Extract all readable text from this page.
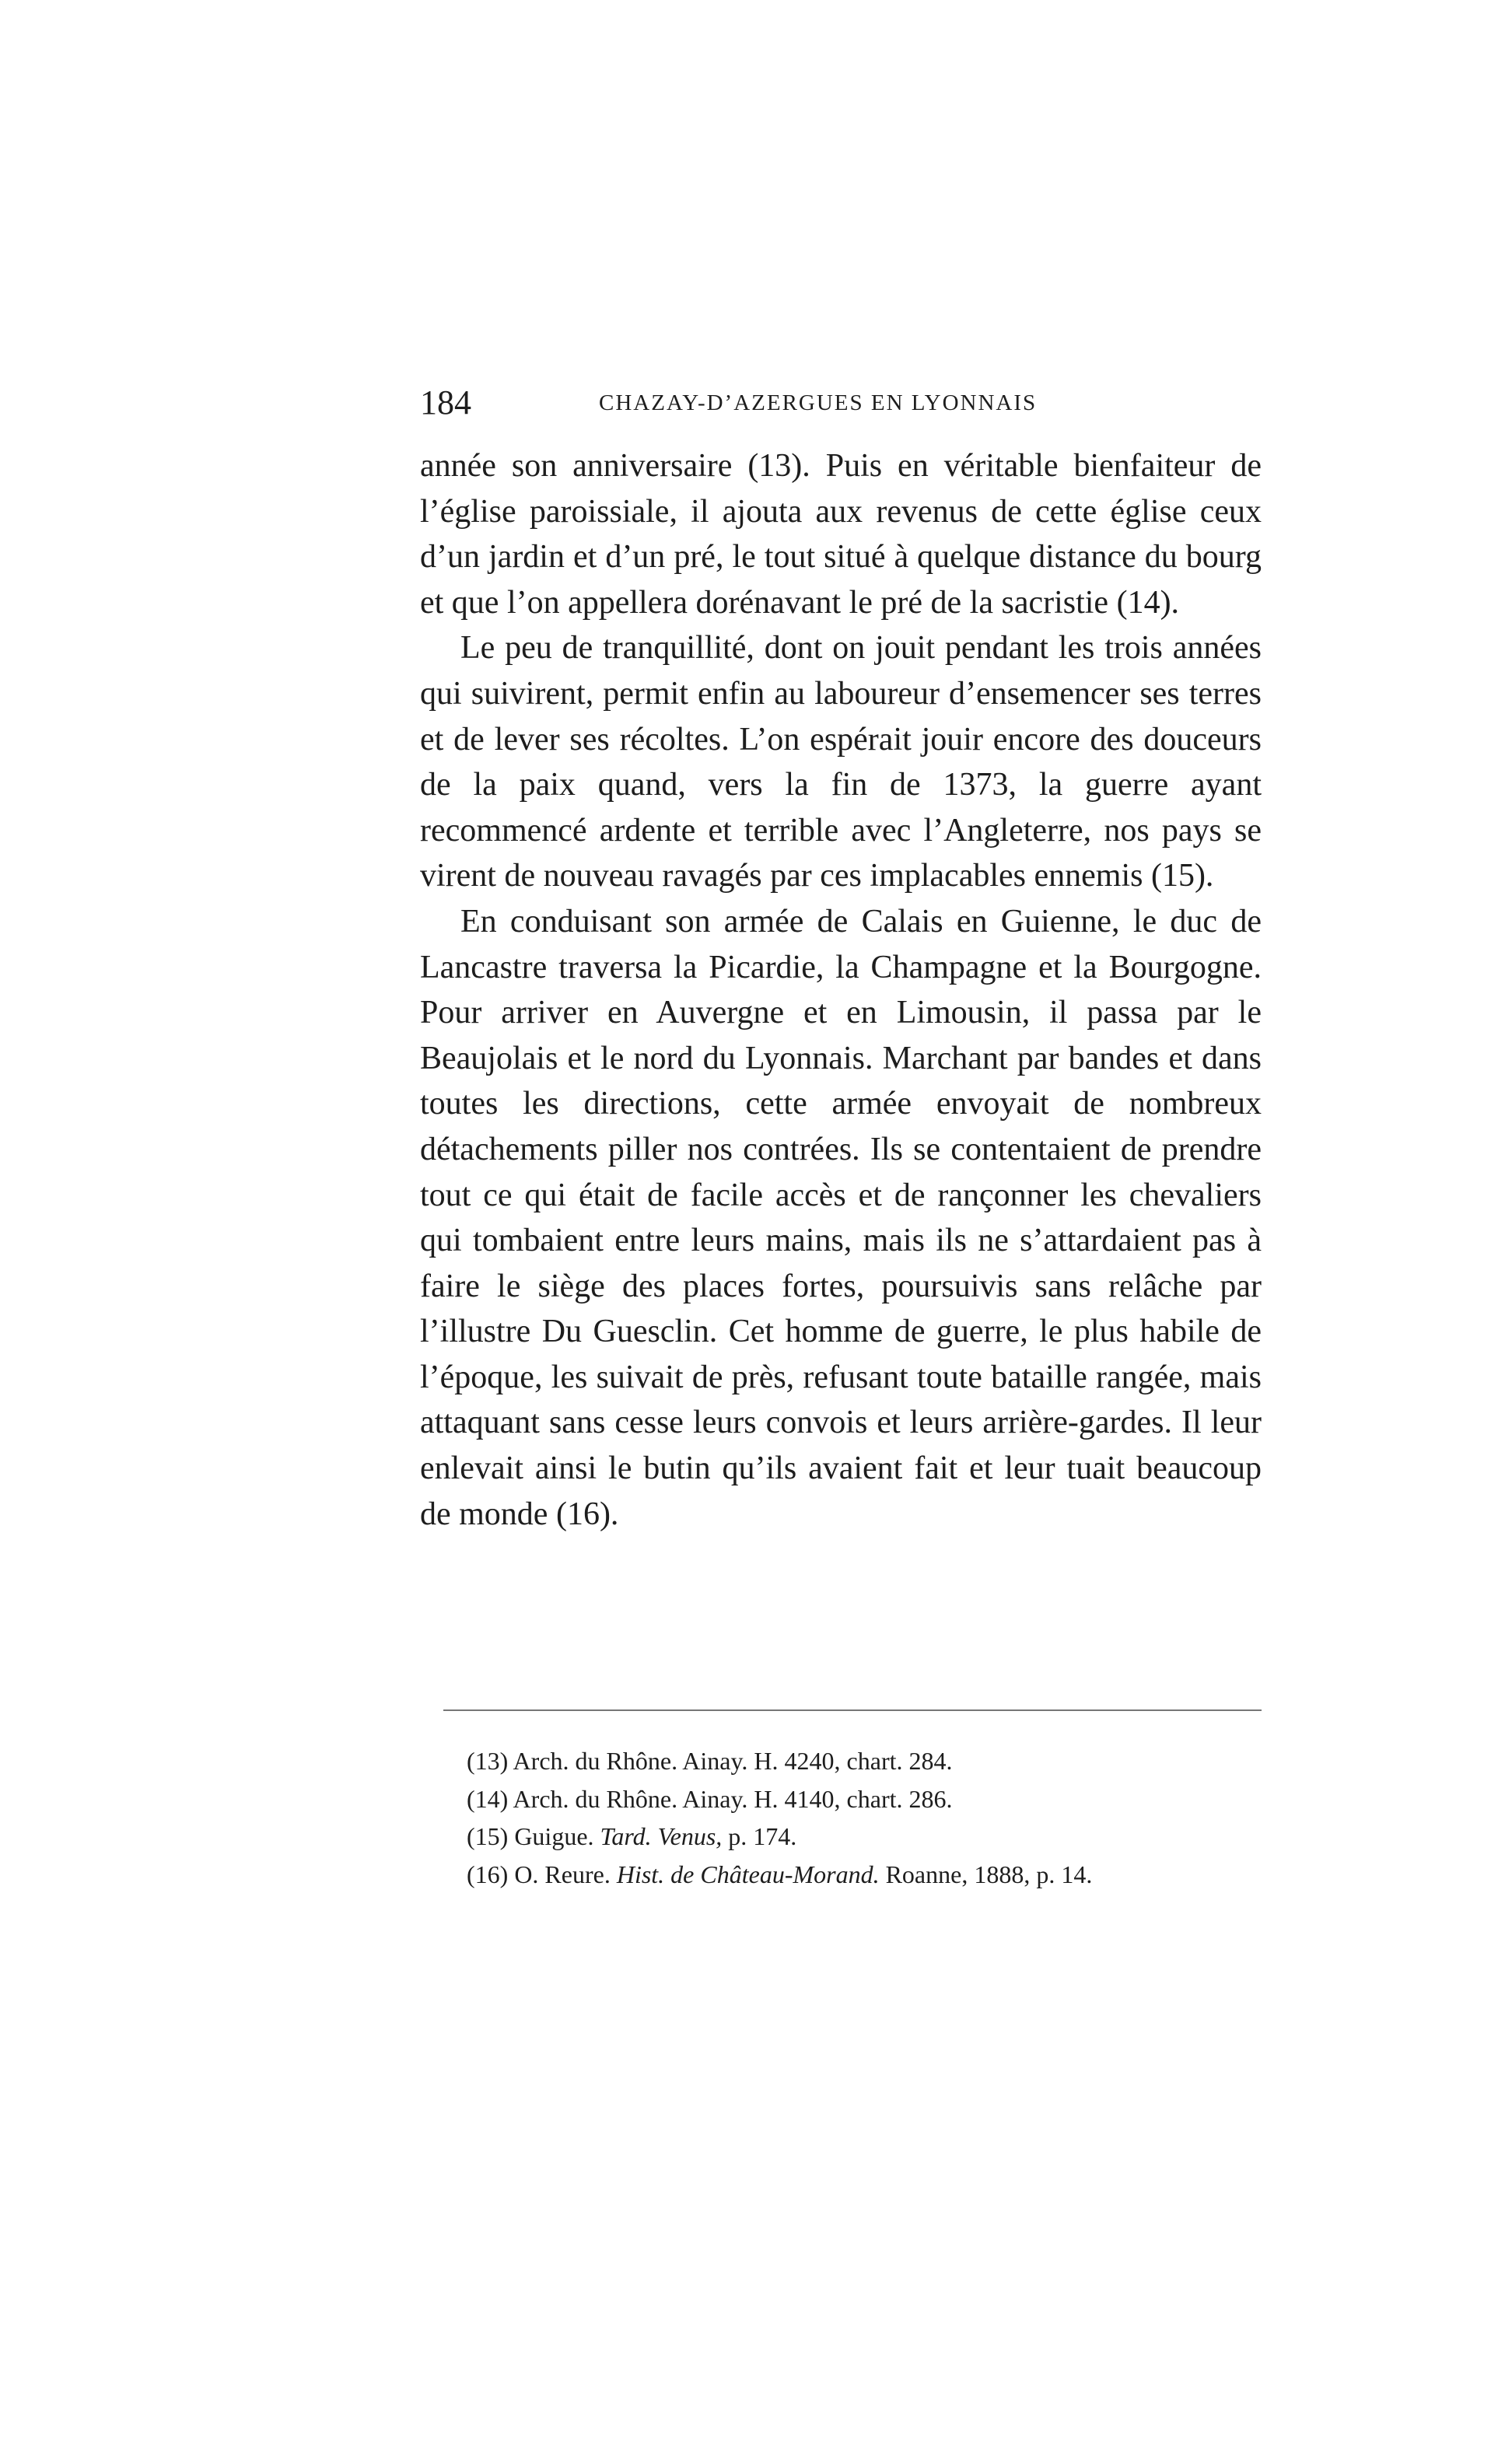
184	CHAZAY-D’AZERGUES EN LYONNAIS

année son anniversaire (13). Puis en véritable bienfaiteur de l’église paroissiale, il ajouta aux revenus de cette église ceux d’un jardin et d’un pré, le tout situé à quelque distance du bourg et que l’on appellera dorénavant le pré de la sacristie (14).

Le peu de tranquillité, dont on jouit pendant les trois années qui suivirent, permit enfin au laboureur d’ensemencer ses terres et de lever ses récoltes. L’on espérait jouir encore des douceurs de la paix quand, vers la fin de 1373, la guerre ayant recommencé ardente et terrible avec l’Angleterre, nos pays se virent de nouveau ravagés par ces implacables ennemis (15).

En conduisant son armée de Calais en Guienne, le duc de Lancastre traversa la Picardie, la Champagne et la Bourgogne. Pour arriver en Auvergne et en Limousin, il passa par le Beaujolais et le nord du Lyonnais. Marchant par bandes et dans toutes les directions, cette armée envoyait de nombreux détachements piller nos contrées. Ils se contentaient de prendre tout ce qui était de facile accès et de rançonner les chevaliers qui tombaient entre leurs mains, mais ils ne s’attardaient pas à faire le siège des places fortes, poursuivis sans relâche par l’illustre Du Guesclin. Cet homme de guerre, le plus habile de l’époque, les suivait de près, refusant toute bataille rangée, mais attaquant sans cesse leurs convois et leurs arrière-gardes. Il leur enlevait ainsi le butin qu’ils avaient fait et leur tuait beaucoup de monde (16).

(13) Arch. du Rhône. Ainay. H. 4240, chart. 284.

(14) Arch. du Rhône. Ainay. H. 4140, chart. 286.

(15) Guigue. Tard. Venus, p. 174.

(16) O. Reure. Hist. de Château-Morand. Roanne, 1888, p. 14.
